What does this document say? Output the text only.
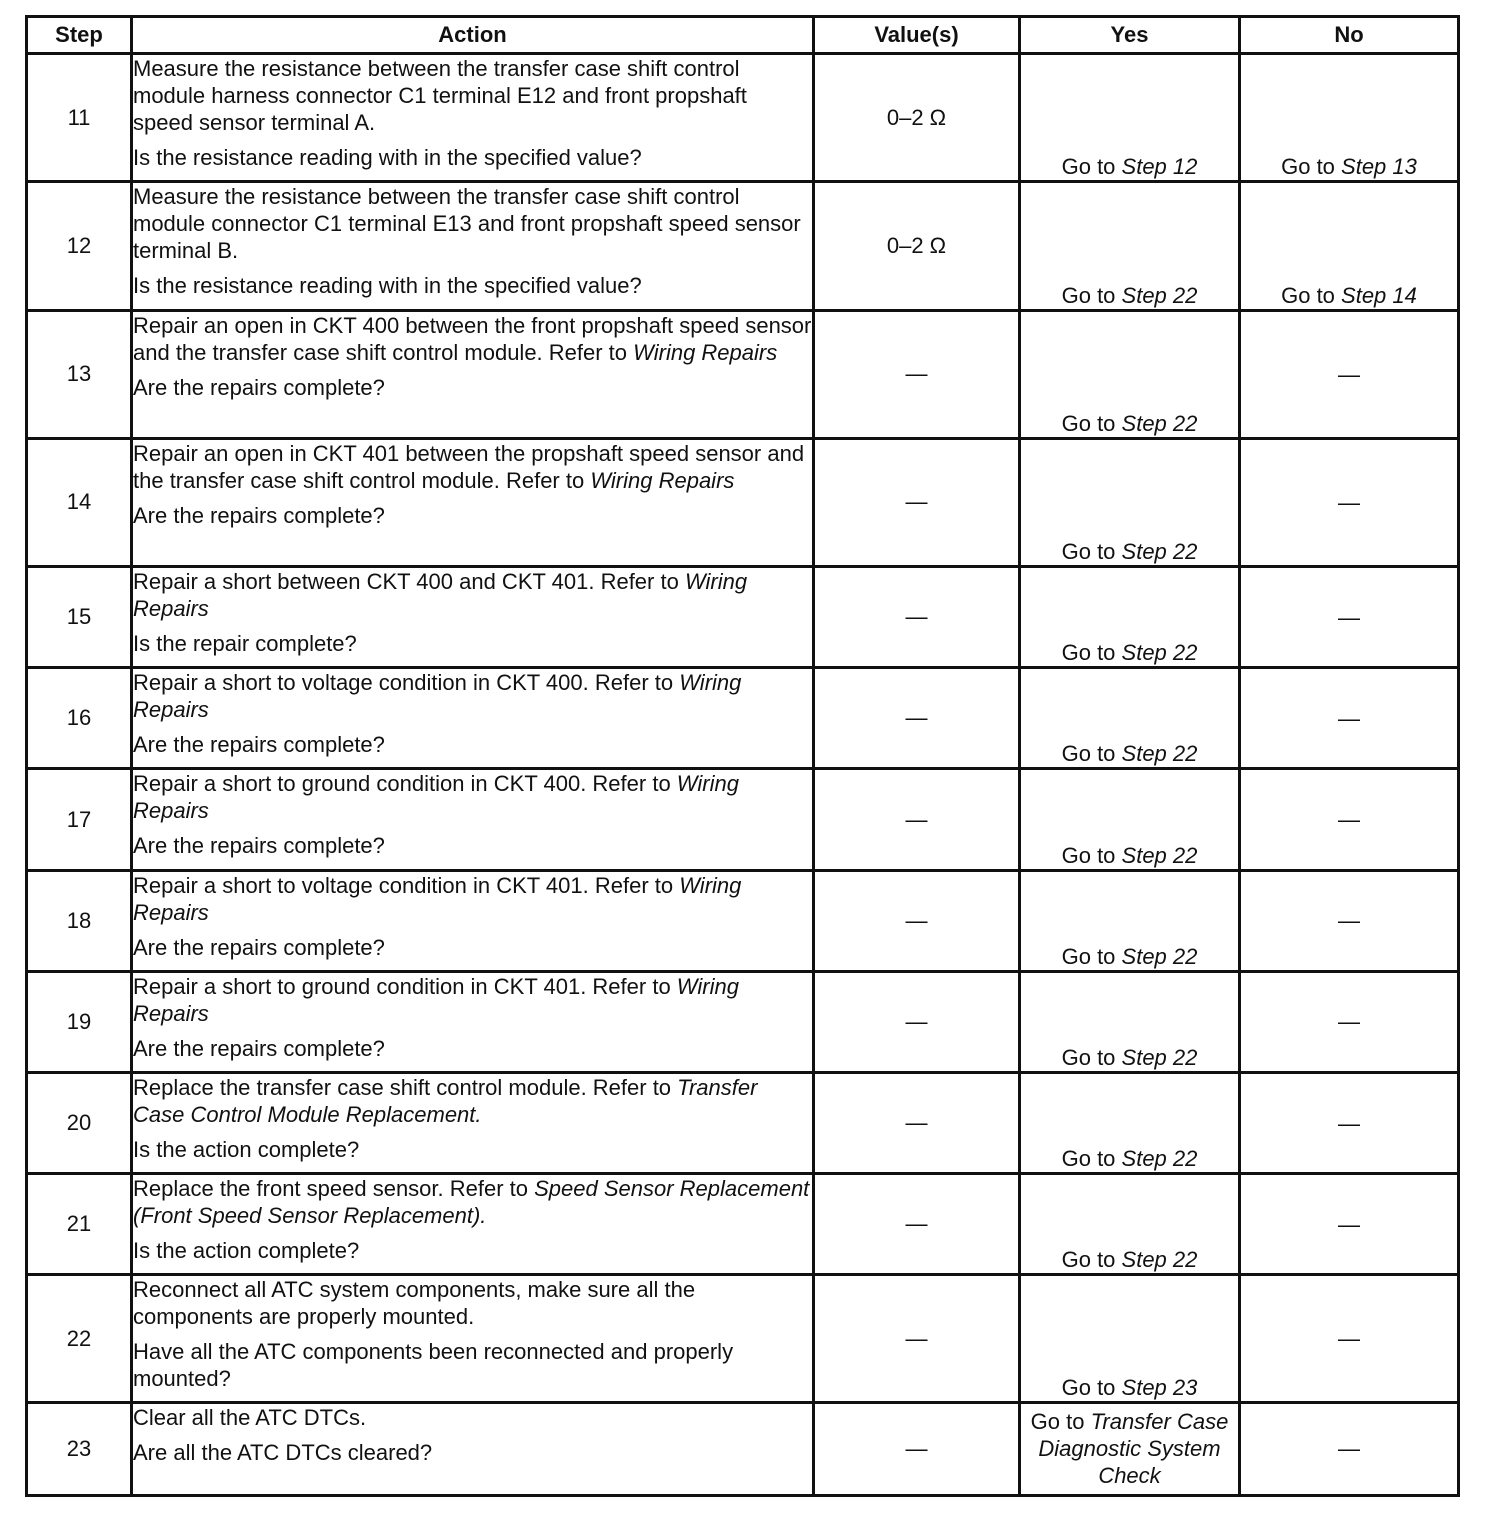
Step	Action	Value(s)	Yes	No
11	Measure the resistance between the transfer case shift control module harness connector C1 terminal E12 and front propshaft speed sensor terminal A.
Is the resistance reading with in the specified value?	0–2 Ω	Go to Step 12	Go to Step 13
12	Measure the resistance between the transfer case shift control module connector C1 terminal E13 and front propshaft speed sensor terminal B.
Is the resistance reading with in the specified value?	0–2 Ω	Go to Step 22	Go to Step 14
13	Repair an open in CKT 400 between the front propshaft speed sensor and the transfer case shift control module. Refer to Wiring Repairs
Are the repairs complete?	—	Go to Step 22	—
14	Repair an open in CKT 401 between the propshaft speed sensor and the transfer case shift control module. Refer to Wiring Repairs
Are the repairs complete?	—	Go to Step 22	—
15	Repair a short between CKT 400 and CKT 401. Refer to Wiring Repairs
Is the repair complete?	—	Go to Step 22	—
16	Repair a short to voltage condition in CKT 400. Refer to Wiring Repairs
Are the repairs complete?	—	Go to Step 22	—
17	Repair a short to ground condition in CKT 400. Refer to Wiring Repairs
Are the repairs complete?	—	Go to Step 22	—
18	Repair a short to voltage condition in CKT 401. Refer to Wiring Repairs
Are the repairs complete?	—	Go to Step 22	—
19	Repair a short to ground condition in CKT 401. Refer to Wiring Repairs
Are the repairs complete?	—	Go to Step 22	—
20	Replace the transfer case shift control module. Refer to Transfer Case Control Module Replacement.
Is the action complete?	—	Go to Step 22	—
21	Replace the front speed sensor. Refer to Speed Sensor Replacement (Front Speed Sensor Replacement).
Is the action complete?	—	Go to Step 22	—
22	Reconnect all ATC system components, make sure all the components are properly mounted.
Have all the ATC components been reconnected and properly mounted?	—	Go to Step 23	—
23	Clear all the ATC DTCs.
Are all the ATC DTCs cleared?	—	Go to Transfer Case Diagnostic System Check	—
